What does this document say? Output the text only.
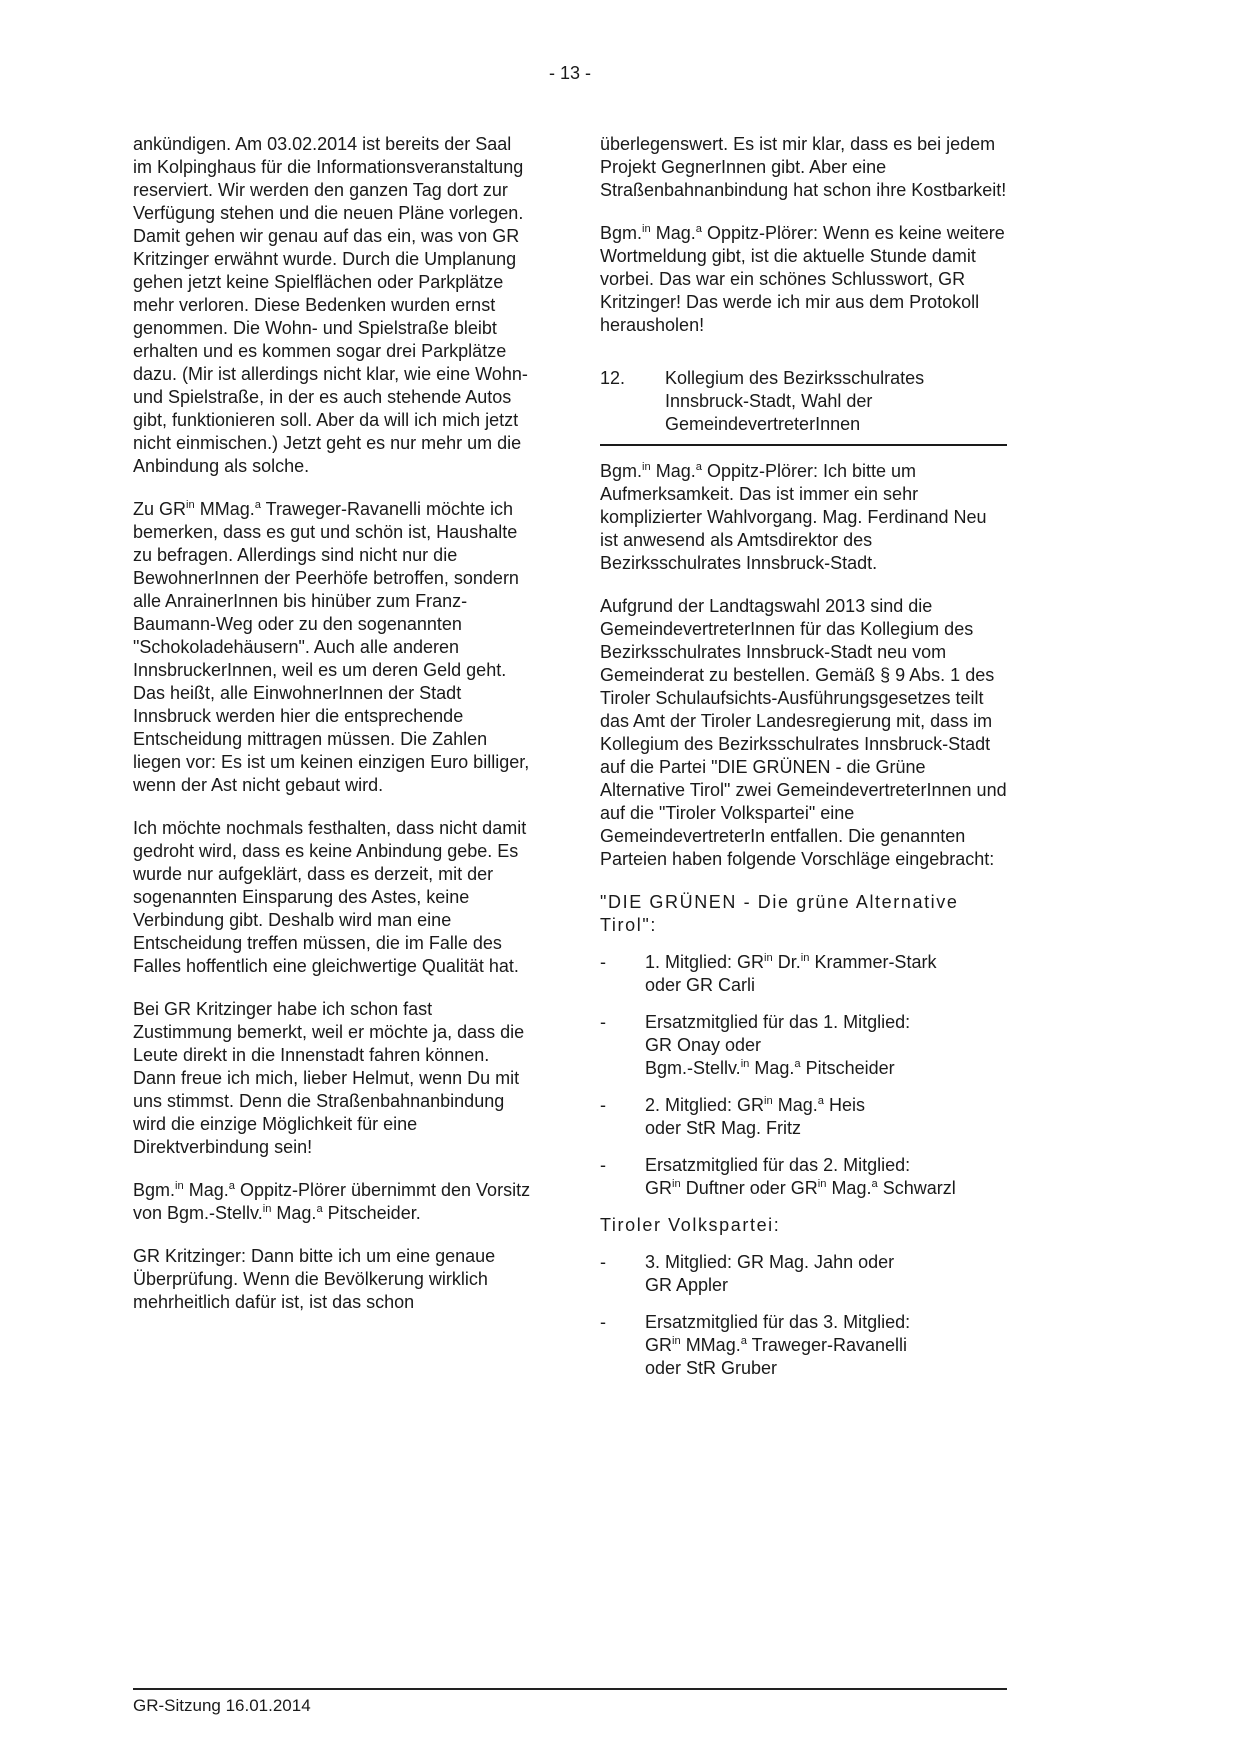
- 13 -

ankündigen. Am 03.02.2014 ist bereits der Saal im Kolpinghaus für die Informationsveranstaltung reserviert. Wir werden den ganzen Tag dort zur Verfügung stehen und die neuen Pläne vorlegen. Damit gehen wir genau auf das ein, was von GR Kritzinger erwähnt wurde. Durch die Umplanung gehen jetzt keine Spielflächen oder Parkplätze mehr verloren. Diese Bedenken wurden ernst genommen. Die Wohn- und Spielstraße bleibt erhalten und es kommen sogar drei Parkplätze dazu. (Mir ist allerdings nicht klar, wie eine Wohn- und Spielstraße, in der es auch stehende Autos gibt, funktionieren soll. Aber da will ich mich jetzt nicht einmischen.) Jetzt geht es nur mehr um die Anbindung als solche.

Zu $GR^{in}$ MMag.$^a$ Traweger-Ravanelli möchte ich bemerken, dass es gut und schön ist, Haushalte zu befragen. Allerdings sind nicht nur die BewohnerInnen der Peerhöfe betroffen, sondern alle AnrainerInnen bis hinüber zum Franz-Baumann-Weg oder zu den sogenannten "Schokoladehäusern". Auch alle anderen InnsbruckerInnen, weil es um deren Geld geht. Das heißt, alle EinwohnerInnen der Stadt Innsbruck werden hier die entsprechende Entscheidung mittragen müssen. Die Zahlen liegen vor: Es ist um keinen einzigen Euro billiger, wenn der Ast nicht gebaut wird.

Ich möchte nochmals festhalten, dass nicht damit gedroht wird, dass es keine Anbindung gebe. Es wurde nur aufgeklärt, dass es derzeit, mit der sogenannten Einsparung des Astes, keine Verbindung gibt. Deshalb wird man eine Entscheidung treffen müssen, die im Falle des Falles hoffentlich eine gleichwertige Qualität hat.

Bei GR Kritzinger habe ich schon fast Zustimmung bemerkt, weil er möchte ja, dass die Leute direkt in die Innenstadt fahren können. Dann freue ich mich, lieber Helmut, wenn Du mit uns stimmst. Denn die Straßenbahnanbindung wird die einzige Möglichkeit für eine Direktverbindung sein!

Bgm.$^{in}$ Mag.$^a$ Oppitz-Plörer übernimmt den Vorsitz von Bgm.-Stellv.$^{in}$ Mag.$^a$ Pitscheider.

GR Kritzinger: Dann bitte ich um eine genaue Überprüfung. Wenn die Bevölkerung wirklich mehrheitlich dafür ist, ist das schon

überlegenswert. Es ist mir klar, dass es bei jedem Projekt GegnerInnen gibt. Aber eine Straßenbahnanbindung hat schon ihre Kostbarkeit!

Bgm.$^{in}$ Mag.$^a$ Oppitz-Plörer: Wenn es keine weitere Wortmeldung gibt, ist die aktuelle Stunde damit vorbei. Das war ein schönes Schlusswort, GR Kritzinger! Das werde ich mir aus dem Protokoll herausholen!

12.	Kollegium des Bezirksschulrates Innsbruck-Stadt, Wahl der GemeindevertreterInnen

Bgm.$^{in}$ Mag.$^a$ Oppitz-Plörer: Ich bitte um Aufmerksamkeit. Das ist immer ein sehr komplizierter Wahlvorgang. Mag. Ferdinand Neu ist anwesend als Amtsdirektor des Bezirksschulrates Innsbruck-Stadt.

Aufgrund der Landtagswahl 2013 sind die GemeindevertreterInnen für das Kollegium des Bezirksschulrates Innsbruck-Stadt neu vom Gemeinderat zu bestellen. Gemäß § 9 Abs. 1 des Tiroler Schulaufsichts-Ausführungsgesetzes teilt das Amt der Tiroler Landesregierung mit, dass im Kollegium des Bezirksschulrates Innsbruck-Stadt auf die Partei "DIE GRÜNEN - die Grüne Alternative Tirol" zwei GemeindevertreterInnen und auf die "Tiroler Volkspartei" eine GemeindevertreterIn entfallen. Die genannten Parteien haben folgende Vorschläge eingebracht:

"DIE GRÜNEN - Die grüne Alternative Tirol":

-	1. Mitglied: $GR^{in}$ Dr.$^{in}$ Krammer-Stark
oder GR Carli
-	Ersatzmitglied für das 1. Mitglied:
GR Onay oder
Bgm.-Stellv.$^{in}$ Mag.$^a$ Pitscheider
-	2. Mitglied: $GR^{in}$ Mag.$^a$ Heis
oder StR Mag. Fritz
-	Ersatzmitglied für das 2. Mitglied:
$GR^{in}$ Duftner oder $GR^{in}$ Mag.$^a$ Schwarzl

Tiroler Volkspartei:

-	3. Mitglied: GR Mag. Jahn oder
GR Appler
-	Ersatzmitglied für das 3. Mitglied:
$GR^{in}$ MMag.$^a$ Traweger-Ravanelli
oder StR Gruber
GR-Sitzung 16.01.2014
